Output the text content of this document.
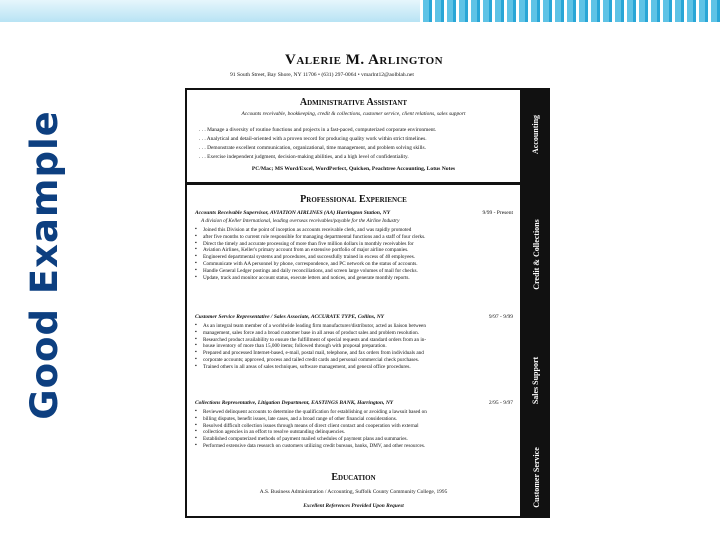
Good Example
Valerie M. Arlington
91 South Street, Bay Shore, NY 11706 • (631) 297-0064 • vmarlnt12@aolblah.net
Administrative Assistant
Accounts receivable, bookkeeping, credit & collections, customer service, client relations, sales support
. . . Manage a diversity of routine functions and projects in a fast-paced, computerized corporate environment.
. . . Analytical and detail-oriented with a proven record for producing quality work within strict timelines.
. . . Demonstrate excellent communication, organizational, time management, and problem solving skills.
. . . Exercise independent judgment, decision-making abilities, and a high level of confidentiality.
PC/Mac; MS Word/Excel, WordPerfect, Quicken, Peachtree Accounting, Lotus Notes
Professional Experience
Accounts Receivable Supervisor, AVIATION AIRLINES (AA) Harrington Station, NY	9/99 - Present
A division of Keller International, leading overseas receivables/payable for the Airline Industry
▪ Joined this Division at the point of inception as accounts receivable clerk, and was rapidly promoted
▪ after five months to current role responsible for managing departmental functions and a staff of four clerks.
▪ Direct the timely and accurate processing of more than five million dollars in monthly receivables for
▪ Aviation Airlines, Keller's primary account from an extensive portfolio of major airline companies.
▪ Engineered departmental systems and procedures, and successfully trained in excess of 40 employees.
▪ Communicate with AA personnel by phone, correspondence, and PC network on the status of accounts.
▪ Handle General Ledger postings and daily reconciliations, and screen large volumes of mail for checks.
▪ Update, track and monitor account status, execute letters and notices, and generate monthly reports.
Customer Service Representative / Sales Associate, ACCURATE TYPE, Collins, NY	9/97 - 9/99
▪ As an integral team member of a worldwide leading firm manufacturer/distributor, acted as liaison between
▪ management, sales force and a broad customer base in all areas of product sales and problem resolution.
▪ Researched product availability to ensure the fulfillment of special requests and standard orders from an in-
▪ house inventory of more than 15,000 items; followed through with proposal preparation.
▪ Prepared and processed Internet-based, e-mail, postal mail, telephone, and fax orders from individuals and
▪ corporate accounts; approved, process and tailed credit cards and personal commercial check purchases.
▪ Trained others in all areas of sales techniques, software management, and general office procedures.
Collections Representative, Litigation Department, EASTINGS BANK, Harrington, NY	2/95 - 9/97
▪ Reviewed delinquent accounts to determine the qualification for establishing or avoiding a lawsuit based on
▪ billing disputes, benefit issues, late cases, and a broad range of other financial considerations.
▪ Resolved difficult collection issues through means of direct client contact and cooperation with external
▪ collection agencies in an effort to resolve outstanding delinquencies.
▪ Established computerized methods of payment mailed schedules of payment plans and summaries.
▪ Performed extensive data research on customers utilizing credit bureaus, banks, DMV, and other resources.
Education
A.S. Business Administration / Accounting, Suffolk County Community College, 1995
Excellent References Provided Upon Request
Accounting
Credit & Collections
Sales Support
Customer Service
